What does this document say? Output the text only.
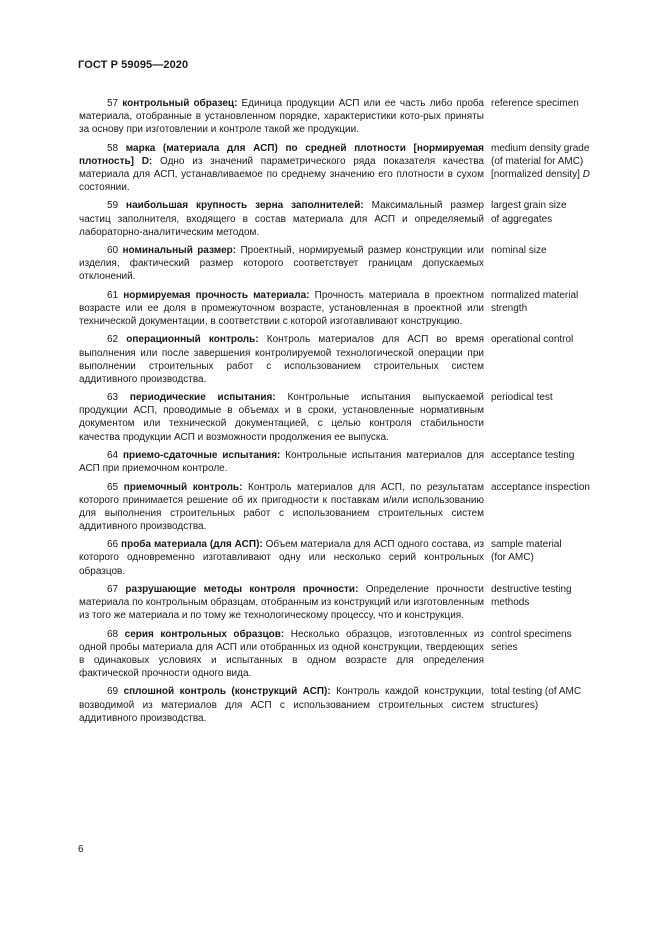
ГОСТ Р 59095—2020
57 контрольный образец: Единица продукции АСП или ее часть либо проба материала, отобранные в установленном порядке, характеристики кото-рых приняты за основу при изготовлении и контроле такой же продукции.
reference specimen
58 марка (материала для АСП) по средней плотности [нормируемая плотность] D: Одно из значений параметрического ряда показателя качества материала для АСП, устанавливаемое по среднему значению его плотности в сухом состоянии.
medium density grade
(of material for AMC)
[normalized density] D
59 наибольшая крупность зерна заполнителей: Максимальный размер частиц заполнителя, входящего в состав материала для АСП и определяемый лабораторно-аналитическим методом.
largest grain size
of aggregates
60 номинальный размер: Проектный, нормируемый размер конструкции или изделия, фактический размер которого соответствует границам допускаемых отклонений.
nominal size
61 нормируемая прочность материала: Прочность материала в проектном возрасте или ее доля в промежуточном возрасте, установленная в проектной или технической документации, в соответствии с которой изготавливают конструкцию.
normalized material
strength
62 операционный контроль: Контроль материалов для АСП во время выполнения или после завершения контролируемой технологической операции при выполнении строительных работ с использованием строительных систем аддитивного производства.
operational control
63 периодические испытания: Контрольные испытания выпускаемой продукции АСП, проводимые в объемах и в сроки, установленные нормативным документом или технической документацией, с целью контроля стабильности качества продукции АСП и возможности продолжения ее выпуска.
periodical test
64 приемо-сдаточные испытания: Контрольные испытания материалов для АСП при приемочном контроле.
acceptance testing
65 приемочный контроль: Контроль материалов для АСП, по результатам которого принимается решение об их пригодности к поставкам и/или использованию для выполнения строительных работ с использованием строительных систем аддитивного производства.
acceptance inspection
66 проба материала (для АСП): Объем материала для АСП одного состава, из которого одновременно изготавливают одну или несколько серий контрольных образцов.
sample material
(for AMC)
67 разрушающие методы контроля прочности: Определение прочности материала по контрольным образцам, отобранным из конструкций или изготовленным из того же материала и по тому же технологическому процессу, что и конструкция.
destructive testing
methods
68 серия контрольных образцов: Несколько образцов, изготовленных из одной пробы материала для АСП или отобранных из одной конструкции, твердеющих в одинаковых условиях и испытанных в одном возрасте для определения фактической прочности одного вида.
control specimens
series
69 сплошной контроль (конструкций АСП): Контроль каждой конструкции, возводимой из материалов для АСП с использованием строительных систем аддитивного производства.
total testing (of AMC
structures)
6
